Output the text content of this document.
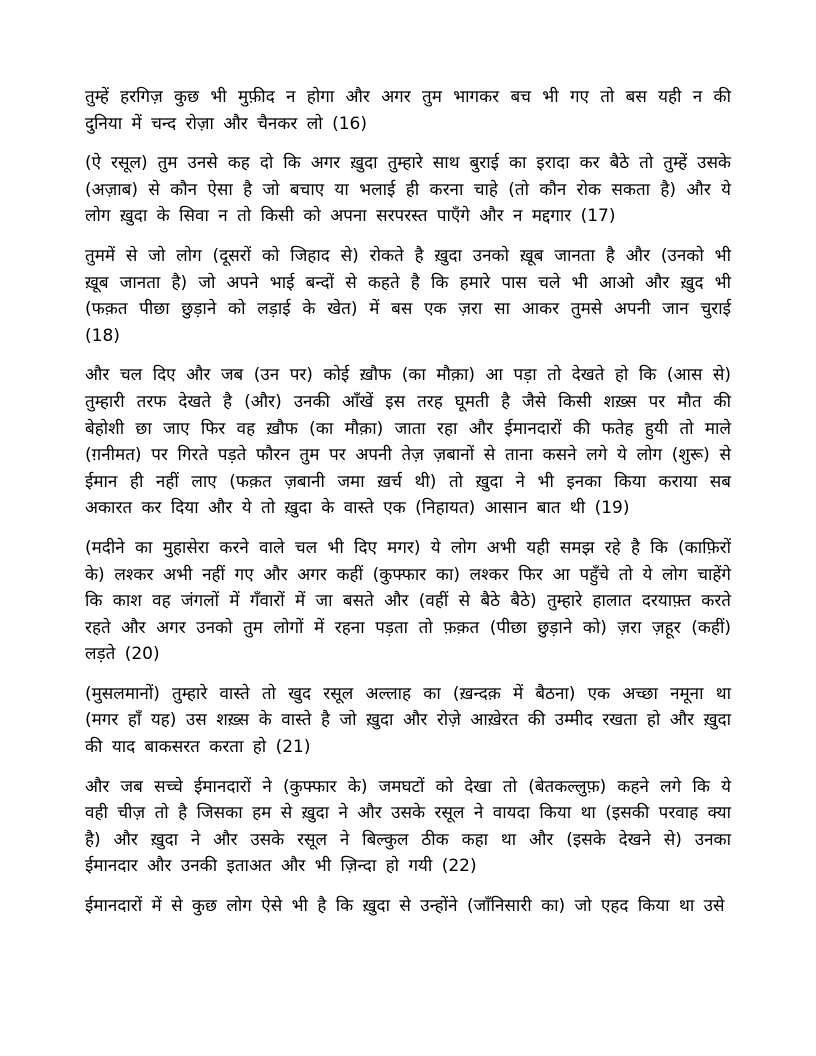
तुम्हें हरगिज़ कुछ भी मुफ़ीद न होगा और अगर तुम भागकर बच भी गए तो बस यही न की दुनिया में चन्द रोज़ा और चैनकर लो (16)

(ऐ रसूल) तुम उनसे कह दो कि अगर ख़ुदा तुम्हारे साथ बुराई का इरादा कर बैठे तो तुम्हें उसके (अज़ाब) से कौन ऐसा है जो बचाए या भलाई ही करना चाहे (तो कौन रोक सकता है) और ये लोग ख़ुदा के सिवा न तो किसी को अपना सरपरस्त पाएँगे और न मद्दगार (17)

तुममें से जो लोग (दूसरों को जिहाद से) रोकते है ख़ुदा उनको ख़ूब जानता है और (उनको भी ख़ूब जानता है) जो अपने भाई बन्दों से कहते है कि हमारे पास चले भी आओ और ख़ुद भी (फक़त पीछा छुड़ाने को लड़ाई के खेत) में बस एक ज़रा सा आकर तुमसे अपनी जान चुराई (18)

और चल दिए और जब (उन पर) कोई ख़ौफ (का मौक़ा) आ पड़ा तो देखते हो कि (आस से) तुम्हारी तरफ देखते है (और) उनकी आँखें इस तरह घूमती है जैसे किसी शख़्स पर मौत की बेहोशी छा जाए फिर वह ख़ौफ (का मौक़ा) जाता रहा और ईमानदारों की फतेह हुयी तो माले (ग़नीमत) पर गिरते पड़ते फौरन तुम पर अपनी तेज़ ज़बानों से ताना कसने लगे ये लोग (शुरू) से ईमान ही नहीं लाए (फक़त ज़बानी जमा ख़र्च थी) तो ख़ुदा ने भी इनका किया कराया सब अकारत कर दिया और ये तो ख़ुदा के वास्ते एक (निहायत) आसान बात थी (19)

(मदीने का मुहासेरा करने वाले चल भी दिए मगर) ये लोग अभी यही समझ रहे है कि (काफ़िरों के) लश्कर अभी नहीं गए और अगर कहीं (कुफ्फार का) लश्कर फिर आ पहुँचे तो ये लोग चाहेंगे कि काश वह जंगलों में गँवारों में जा बसते और (वहीं से बैठे बैठे) तुम्हारे हालात दरयाफ़्त करते रहते और अगर उनको तुम लोगों में रहना पड़ता तो फ़क़त (पीछा छुड़ाने को) ज़रा ज़हूर (कहीं) लड़ते (20)

(मुसलमानों) तुम्हारे वास्ते तो खुद रसूल अल्लाह का (ख़न्दक़ में बैठना) एक अच्छा नमूना था (मगर हाँ यह) उस शख़्स के वास्ते है जो ख़ुदा और रोज़े आख़ेरत की उम्मीद रखता हो और ख़ुदा की याद बाकसरत करता हो (21)

और जब सच्चे ईमानदारों ने (कुफ्फार के) जमघटों को देखा तो (बेतकल्लुफ़) कहने लगे कि ये वही चीज़ तो है जिसका हम से ख़ुदा ने और उसके रसूल ने वायदा किया था (इसकी परवाह क्या है) और ख़ुदा ने और उसके रसूल ने बिल्कुल ठीक कहा था और (इसके देखने से) उनका ईमानदार और उनकी इताअत और भी ज़िन्दा हो गयी (22)

ईमानदारों में से कुछ लोग ऐसे भी है कि ख़ुदा से उन्होंने (जॉंनिसारी का) जो एहद किया था उसे
